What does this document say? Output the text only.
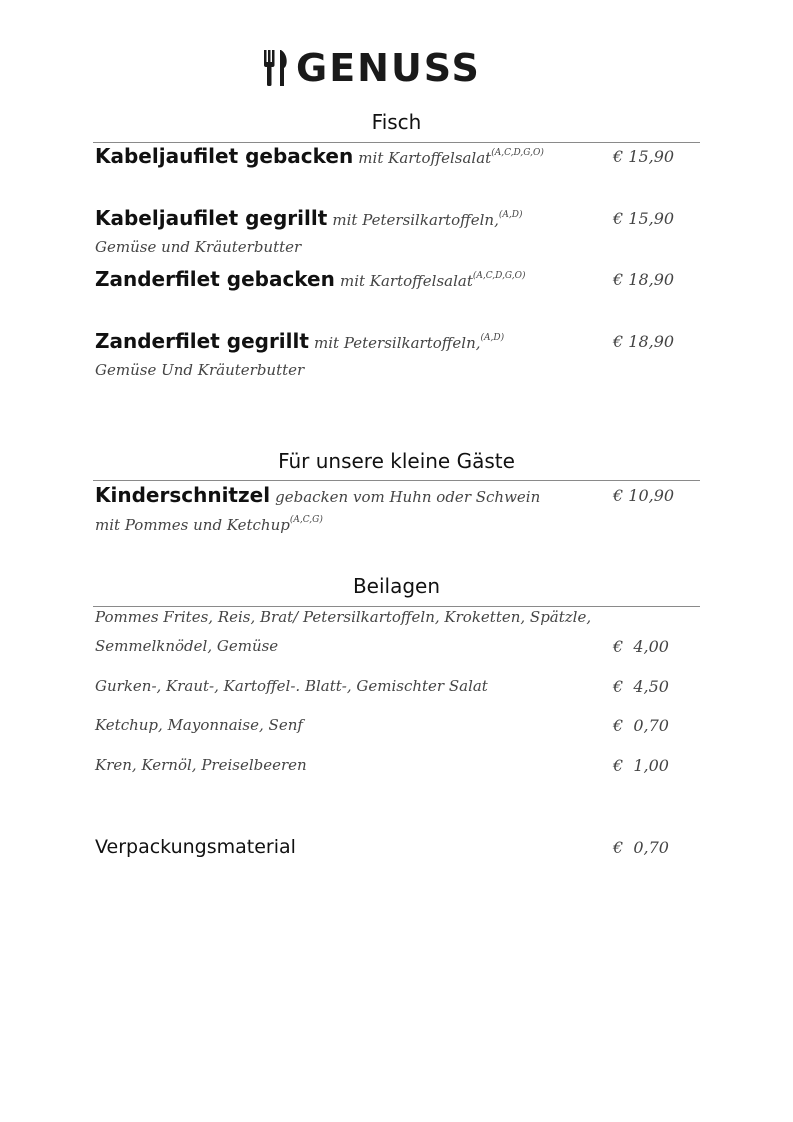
GENUSS
Fisch
Kabeljaufilet gebacken mit Kartoffelsalat$^{(A,C,D,G,O)}$	€ 15,90
Kabeljaufilet gegrillt mit Petersilkartoffeln,$^{(A,D)}$	€ 15,90
Gemüse und Kräuterbutter
Zanderfilet gebacken mit Kartoffelsalat$^{(A,C,D,G,O)}$	€ 18,90
Zanderfilet gegrillt mit Petersilkartoffeln,$^{(A,D)}$	€ 18,90
Gemüse Und Kräuterbutter
Für unsere kleine Gäste
Kinderschnitzel gebacken vom Huhn oder Schwein	€ 10,90
mit Pommes und Ketchup$^{(A,C,G)}$
Beilagen
Pommes Frites, Reis, Brat/ Petersilkartoffeln, Kroketten, Spätzle,
Semmelknödel, Gemüse	€  4,00
Gurken-, Kraut-, Kartoffel-. Blatt-, Gemischter Salat	€  4,50
Ketchup, Mayonnaise, Senf	€  0,70
Kren, Kernöl, Preiselbeeren	€  1,00
Verpackungsmaterial	€  0,70
